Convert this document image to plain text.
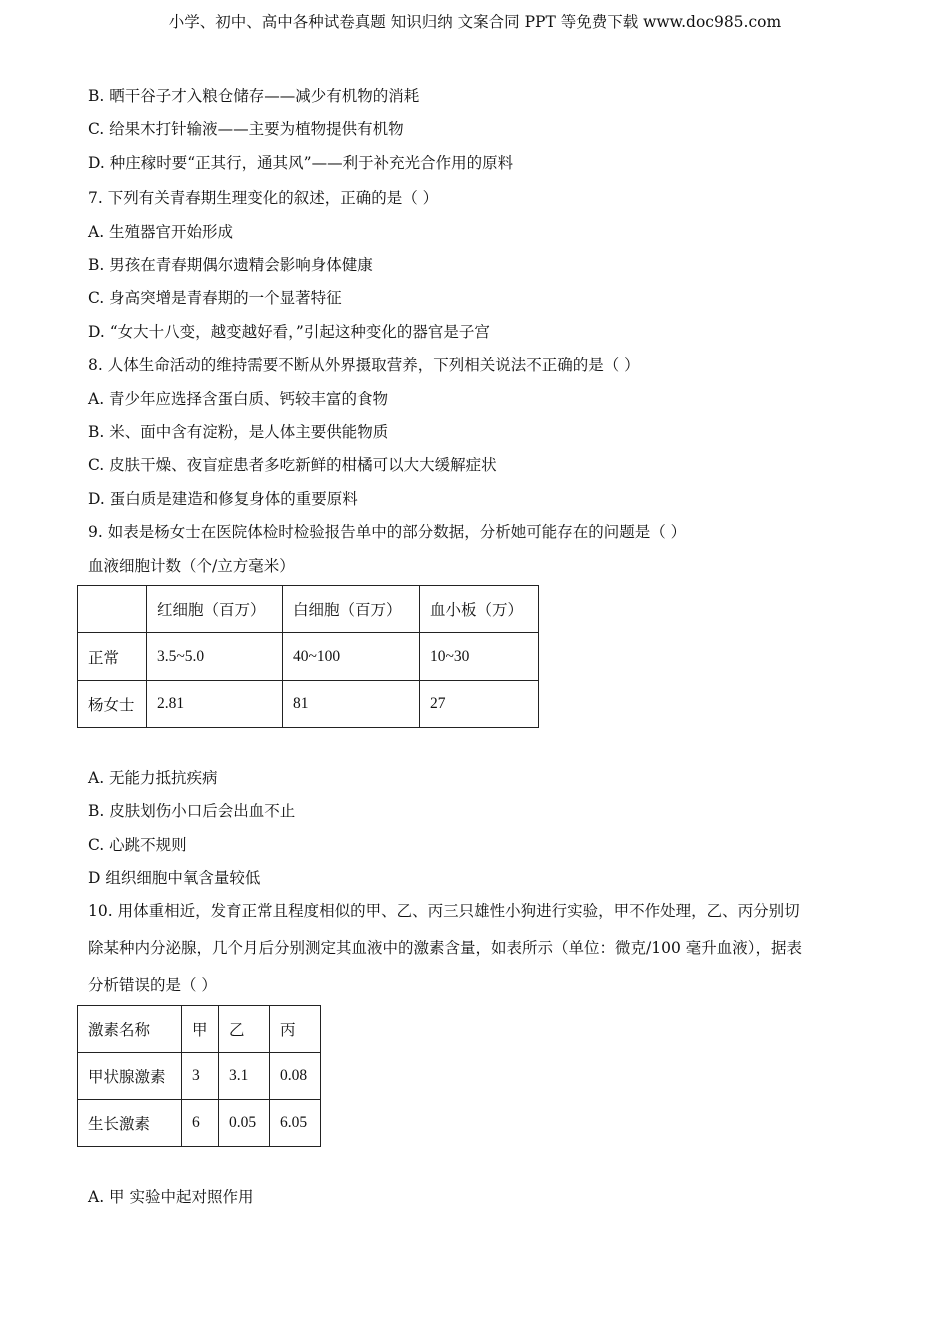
小学、初中、高中各种试卷真题 知识归纳 文案合同 PPT 等免费下载 www.doc985.com
B. 晒干谷子才入粮仓储存——减少有机物的消耗
C. 给果木打针输液——主要为植物提供有机物
D. 种庄稼时要“正其行，通其风”——利于补充光合作用的原料
7. 下列有关青春期生理变化的叙述，正确的是（ ）
A. 生殖器官开始形成
B. 男孩在青春期偶尔遗精会影响身体健康
C. 身高突增是青春期的一个显著特征
D. “女大十八变，越变越好看，”引起这种变化的器官是子宫
8. 人体生命活动的维持需要不断从外界摄取营养，下列相关说法不正确的是（ ）
A. 青少年应选择含蛋白质、钙较丰富的食物
B. 米、面中含有淀粉，是人体主要供能物质
C. 皮肤干燥、夜盲症患者多吃新鲜的柑橘可以大大缓解症状
D. 蛋白质是建造和修复身体的重要原料
9. 如表是杨女士在医院体检时检验报告单中的部分数据，分析她可能存在的问题是（ ）
血液细胞计数（个/立方毫米）
	红细胞（百万）	白细胞（百万）	血小板（万）
正常	3.5~5.0	40~100	10~30
杨女士	2.81	81	27
A. 无能力抵抗疾病
B. 皮肤划伤小口后会出血不止
C. 心跳不规则
D 组织细胞中氧含量较低
10. 用体重相近，发育正常且程度相似的甲、乙、丙三只雄性小狗进行实验，甲不作处理，乙、丙分别切
除某种内分泌腺，几个月后分别测定其血液中的激素含量，如表所示（单位：微克/100 毫升血液），据表
分析错误的是（ ）
激素名称	甲	乙	丙
甲状腺激素	3	3.1	0.08
生长激素	6	0.05	6.05
A. 甲 实验中起对照作用
